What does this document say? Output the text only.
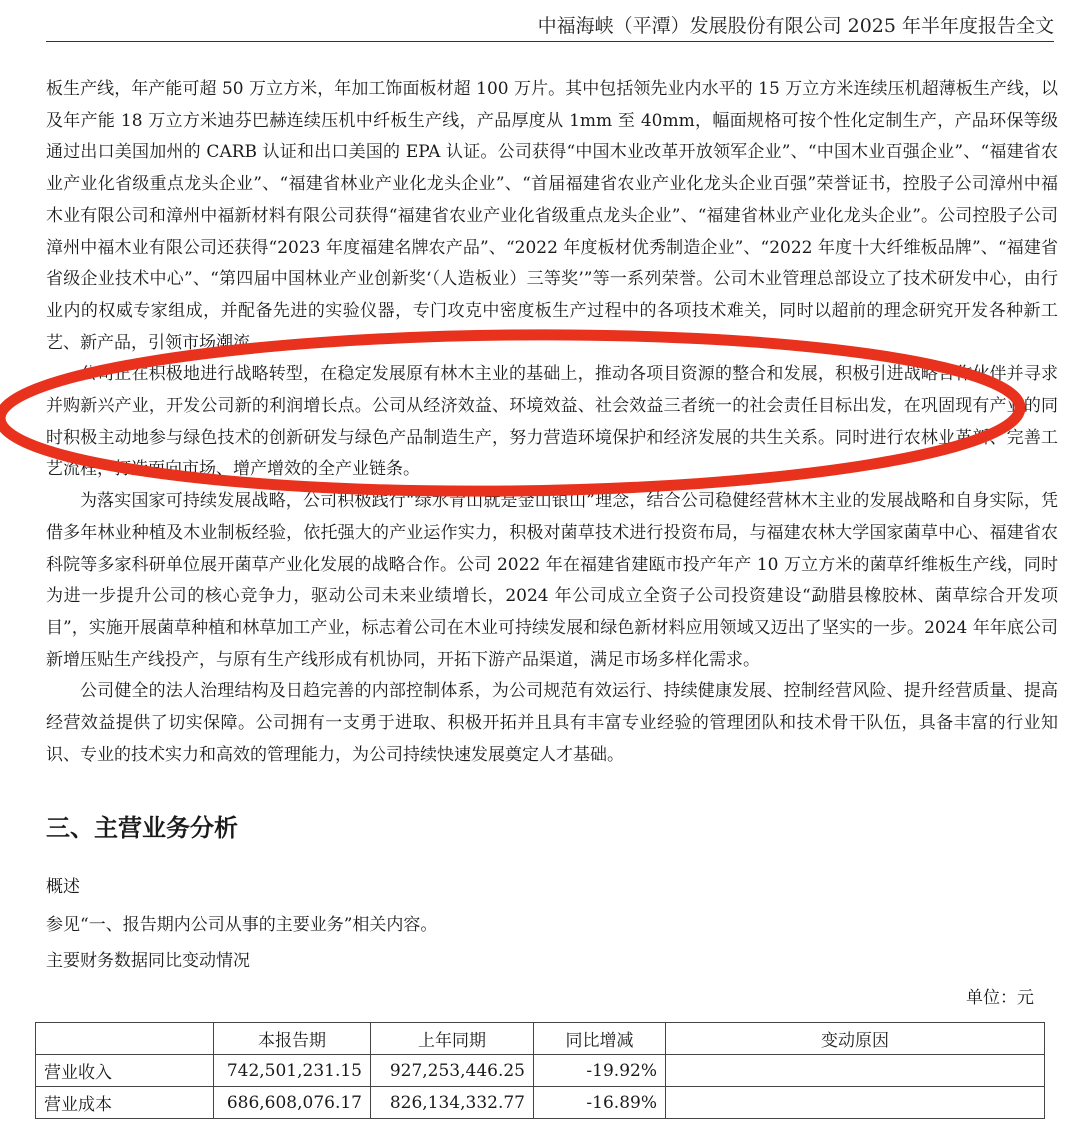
中福海峡（平潭）发展股份有限公司 2025 年半年度报告全文

板生产线，年产能可超 50 万立方米，年加工饰面板材超 100 万片。其中包括领先业内水平的 15 万立方米连续压机超薄板生产线，以及年产能 18 万立方米迪芬巴赫连续压机中纤板生产线，产品厚度从 1mm 至 40mm，幅面规格可按个性化定制生产，产品环保等级通过出口美国加州的 CARB 认证和出口美国的 EPA 认证。公司获得“中国木业改革开放领军企业”、“中国木业百强企业”、“福建省农业产业化省级重点龙头企业”、“福建省林业产业化龙头企业”、“首届福建省农业产业化龙头企业百强”荣誉证书，控股子公司漳州中福木业有限公司和漳州中福新材料有限公司获得“福建省农业产业化省级重点龙头企业”、“福建省林业产业化龙头企业”。公司控股子公司漳州中福木业有限公司还获得“2023 年度福建名牌农产品”、“2022 年度板材优秀制造企业”、“2022 年度十大纤维板品牌”、“福建省省级企业技术中心”、“第四届中国林业产业创新奖‘（人造板业）三等奖’”等一系列荣誉。公司木业管理总部设立了技术研发中心，由行业内的权威专家组成，并配备先进的实验仪器，专门攻克中密度板生产过程中的各项技术难关，同时以超前的理念研究开发各种新工艺、新产品，引领市场潮流。

公司正在积极地进行战略转型，在稳定发展原有林木主业的基础上，推动各项目资源的整合和发展，积极引进战略合作伙伴并寻求并购新兴产业，开发公司新的利润增长点。公司从经济效益、环境效益、社会效益三者统一的社会责任目标出发，在巩固现有产业的同时积极主动地参与绿色技术的创新研发与绿色产品制造生产，努力营造环境保护和经济发展的共生关系。同时进行农林业革新、完善工艺流程，打造面向市场、增产增效的全产业链条。

为落实国家可持续发展战略，公司积极践行“绿水青山就是金山银山”理念，结合公司稳健经营林木主业的发展战略和自身实际，凭借多年林业种植及木业制板经验，依托强大的产业运作实力，积极对菌草技术进行投资布局，与福建农林大学国家菌草中心、福建省农科院等多家科研单位展开菌草产业化发展的战略合作。公司 2022 年在福建省建瓯市投产年产 10 万立方米的菌草纤维板生产线，同时为进一步提升公司的核心竞争力，驱动公司未来业绩增长，2024 年公司成立全资子公司投资建设“勐腊县橡胶林、菌草综合开发项目”，实施开展菌草种植和林草加工产业，标志着公司在木业可持续发展和绿色新材料应用领域又迈出了坚实的一步。2024 年年底公司新增压贴生产线投产，与原有生产线形成有机协同，开拓下游产品渠道，满足市场多样化需求。

公司健全的法人治理结构及日趋完善的内部控制体系，为公司规范有效运行、持续健康发展、控制经营风险、提升经营质量、提高经营效益提供了切实保障。公司拥有一支勇于进取、积极开拓并且具有丰富专业经验的管理团队和技术骨干队伍，具备丰富的行业知识、专业的技术实力和高效的管理能力，为公司持续快速发展奠定人才基础。

三、主营业务分析
概述
参见“一、报告期内公司从事的主要业务”相关内容。
主要财务数据同比变动情况
单位：元
	本报告期	上年同期	同比增减	变动原因
营业收入	742,501,231.15	927,253,446.25	-19.92%	
营业成本	686,608,076.17	826,134,332.77	-16.89%	
